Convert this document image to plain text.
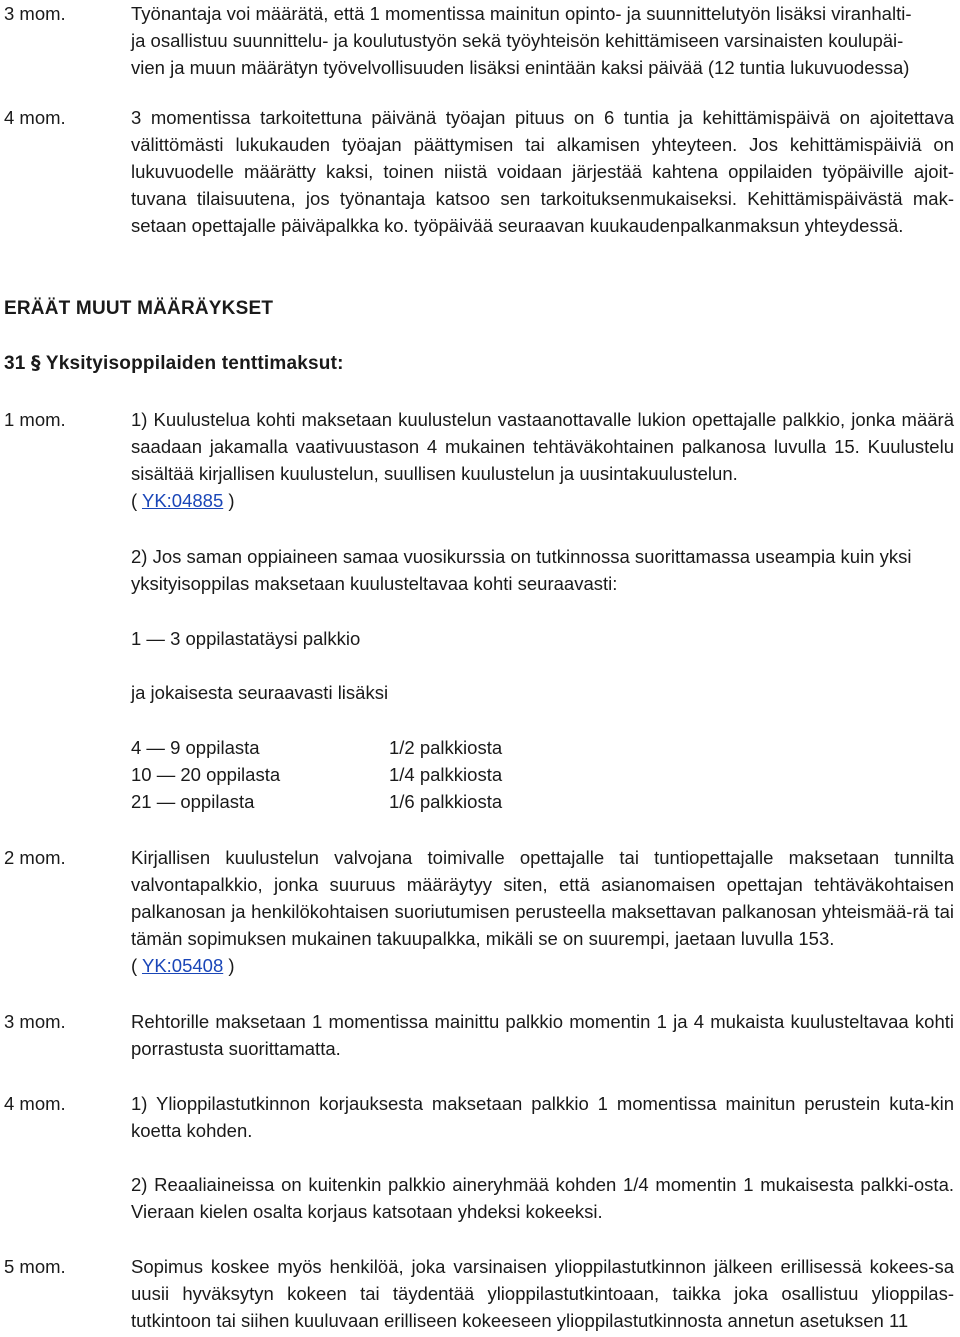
3 mom.	Työnantaja voi määrätä, että 1 momentissa mainitun opinto- ja suunnittelutyön lisäksi viranhalti-
ja osallistuu suunnittelu- ja koulutustyön sekä työyhteisön kehittämiseen varsinaisten koulupäi-
vien ja muun määrätyn työvelvollisuuden lisäksi enintään kaksi päivää (12 tuntia lukuvuodessa)
4 mom.	3 momentissa tarkoitettuna päivänä työajan pituus on 6 tuntia ja kehittämispäivä on ajoitettava välittömästi lukukauden työajan päättymisen tai alkamisen yhteyteen. Jos kehittämispäiviä on lukuvuodelle määrätty kaksi, toinen niistä voidaan järjestää kahtena oppilaiden työpäiville ajoit-tuvana tilaisuutena, jos työnantaja katsoo sen tarkoituksenmukaiseksi. Kehittämispäivästä mak-setaan opettajalle päiväpalkka ko. työpäivää seuraavan kuukaudenpalkanmaksun yhteydessä.
ERÄÄT MUUT MÄÄRÄYKSET
31 § Yksityisoppilaiden tenttimaksut:
1 mom.	1) Kuulustelua kohti maksetaan kuulustelun vastaanottavalle lukion opettajalle palkkio, jonka määrä saadaan jakamalla vaativuustason 4 mukainen tehtäväkohtainen palkanosa luvulla 15. Kuulustelu sisältää kirjallisen kuulustelun, suullisen kuulustelun ja uusintakuulustelun.
( YK:04885 )
2) Jos saman oppiaineen samaa vuosikurssia on tutkinnossa suorittamassa useampia kuin yksi yksityisoppilas maksetaan kuulusteltavaa kohti seuraavasti:
1 — 3 oppilastatäysi palkkio
ja jokaisesta seuraavasti lisäksi
4 — 9 oppilasta	1/2 palkkiosta
10 — 20 oppilasta	1/4 palkkiosta
21 — oppilasta	1/6 palkkiosta
2 mom.	Kirjallisen kuulustelun valvojana toimivalle opettajalle tai tuntiopettajalle maksetaan tunnilta valvontapalkkio, jonka suuruus määräytyy siten, että asianomaisen opettajan tehtäväkohtaisen palkanosan ja henkilökohtaisen suoriutumisen perusteella maksettavan palkanosan yhteismää-rä tai tämän sopimuksen mukainen takuupalkka, mikäli se on suurempi, jaetaan luvulla 153.
( YK:05408 )
3 mom.	Rehtorille maksetaan 1 momentissa mainittu palkkio momentin 1 ja 4 mukaista kuulusteltavaa kohti porrastusta suorittamatta.
4 mom.	1) Ylioppilastutkinnon korjauksesta maksetaan palkkio 1 momentissa mainitun perustein kuta-kin koetta kohden.
2) Reaaliaineissa on kuitenkin palkkio aineryhmää kohden 1/4 momentin 1 mukaisesta palkki-osta. Vieraan kielen osalta korjaus katsotaan yhdeksi kokeeksi.
5 mom.	Sopimus koskee myös henkilöä, joka varsinaisen ylioppilastutkinnon jälkeen erillisessä kokees-sa uusii hyväksytyn kokeen tai täydentää ylioppilastutkintoaan, taikka joka osallistuu ylioppilas-tutkintoon tai siihen kuuluvaan erilliseen kokeeseen ylioppilastutkinnosta annetun asetuksen 11
